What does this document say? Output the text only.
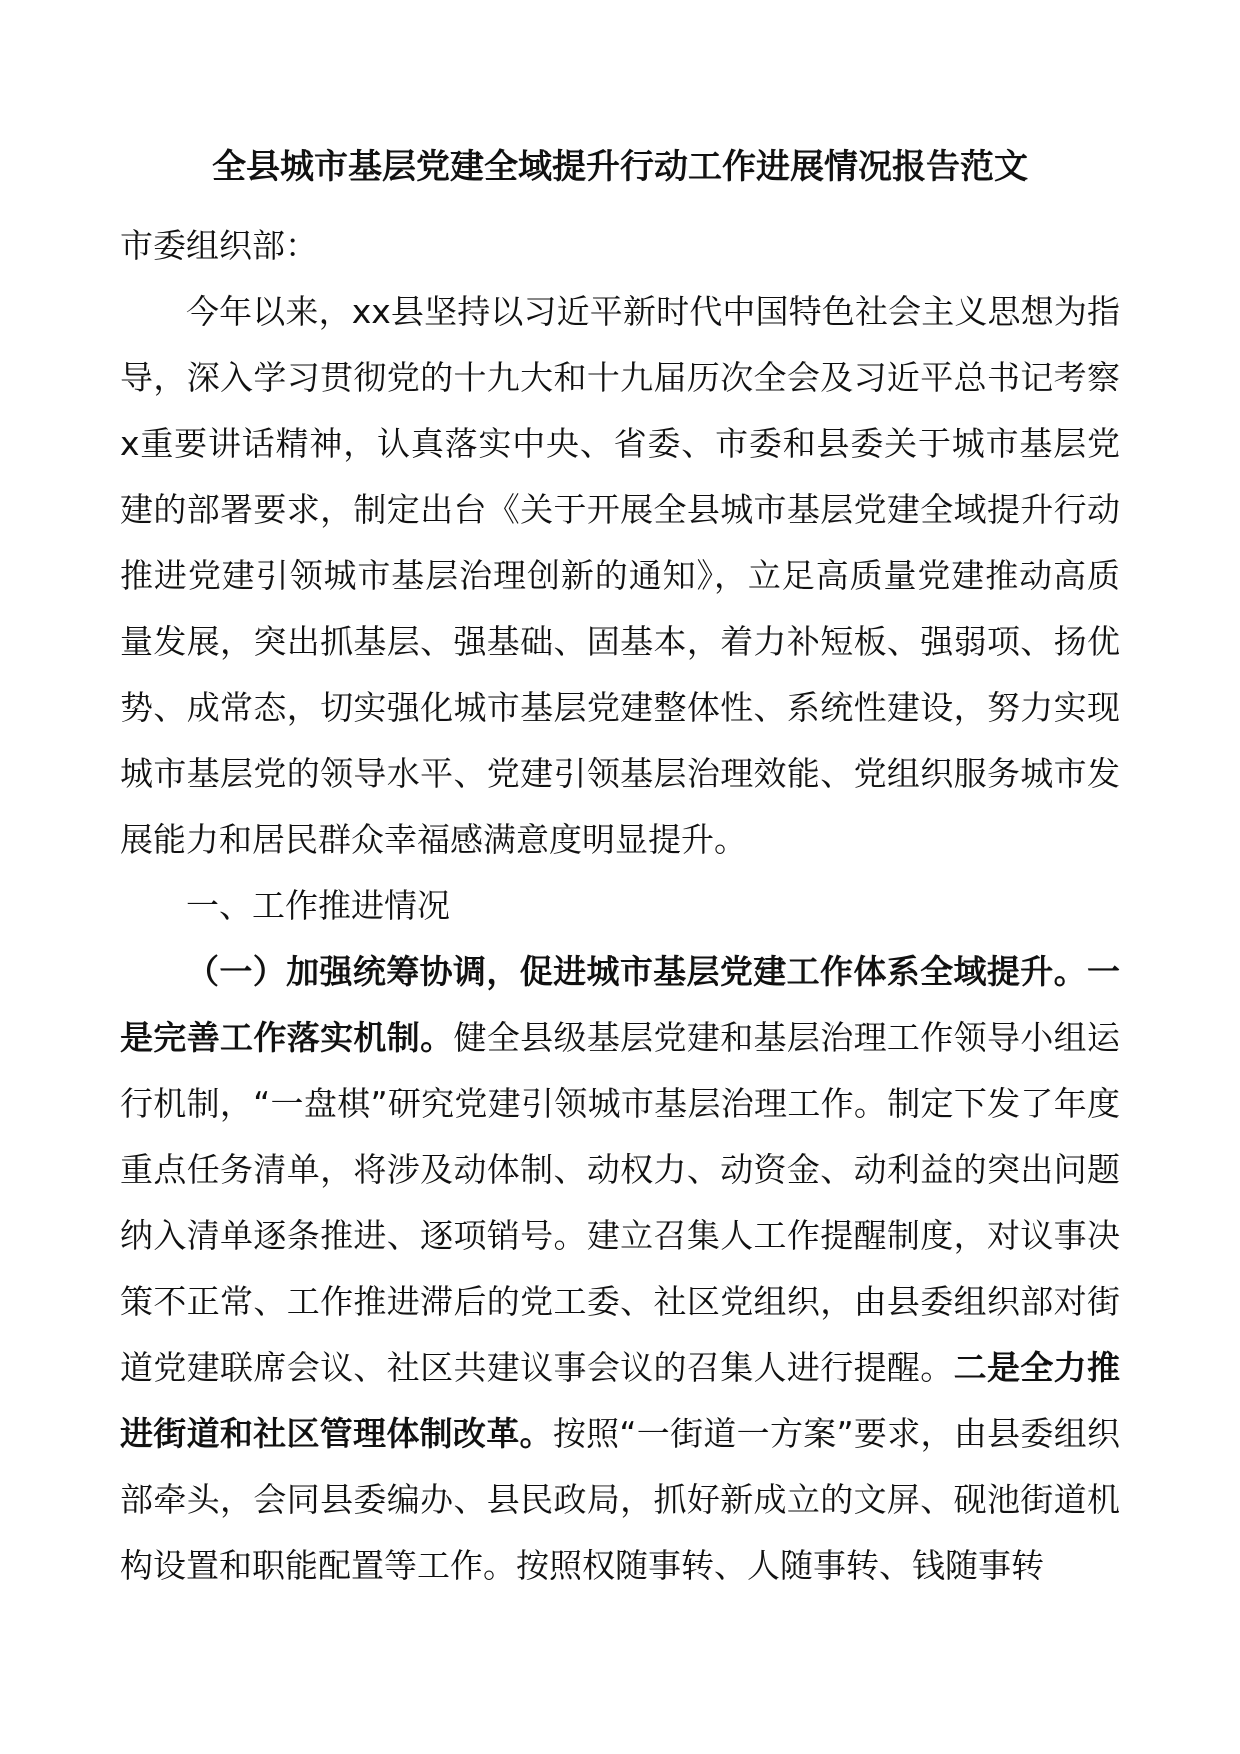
全县城市基层党建全域提升行动工作进展情况报告范文

市委组织部：

今年以来，xx县坚持以习近平新时代中国特色社会主义思想为指导，深入学习贯彻党的十九大和十九届历次全会及习近平总书记考察x重要讲话精神，认真落实中央、省委、市委和县委关于城市基层党建的部署要求，制定出台《关于开展全县城市基层党建全域提升行动推进党建引领城市基层治理创新的通知》，立足高质量党建推动高质量发展，突出抓基层、强基础、固基本，着力补短板、强弱项、扬优势、成常态，切实强化城市基层党建整体性、系统性建设，努力实现城市基层党的领导水平、党建引领基层治理效能、党组织服务城市发展能力和居民群众幸福感满意度明显提升。

一、工作推进情况

（一）加强统筹协调，促进城市基层党建工作体系全域提升。一是完善工作落实机制。健全县级基层党建和基层治理工作领导小组运行机制，“一盘棋”研究党建引领城市基层治理工作。制定下发了年度重点任务清单，将涉及动体制、动权力、动资金、动利益的突出问题纳入清单逐条推进、逐项销号。建立召集人工作提醒制度，对议事决策不正常、工作推进滞后的党工委、社区党组织，由县委组织部对街道党建联席会议、社区共建议事会议的召集人进行提醒。二是全力推进街道和社区管理体制改革。按照“一街道一方案”要求，由县委组织部牵头，会同县委编办、县民政局，抓好新成立的文屏、砚池街道机构设置和职能配置等工作。按照权随事转、人随事转、钱随事转
